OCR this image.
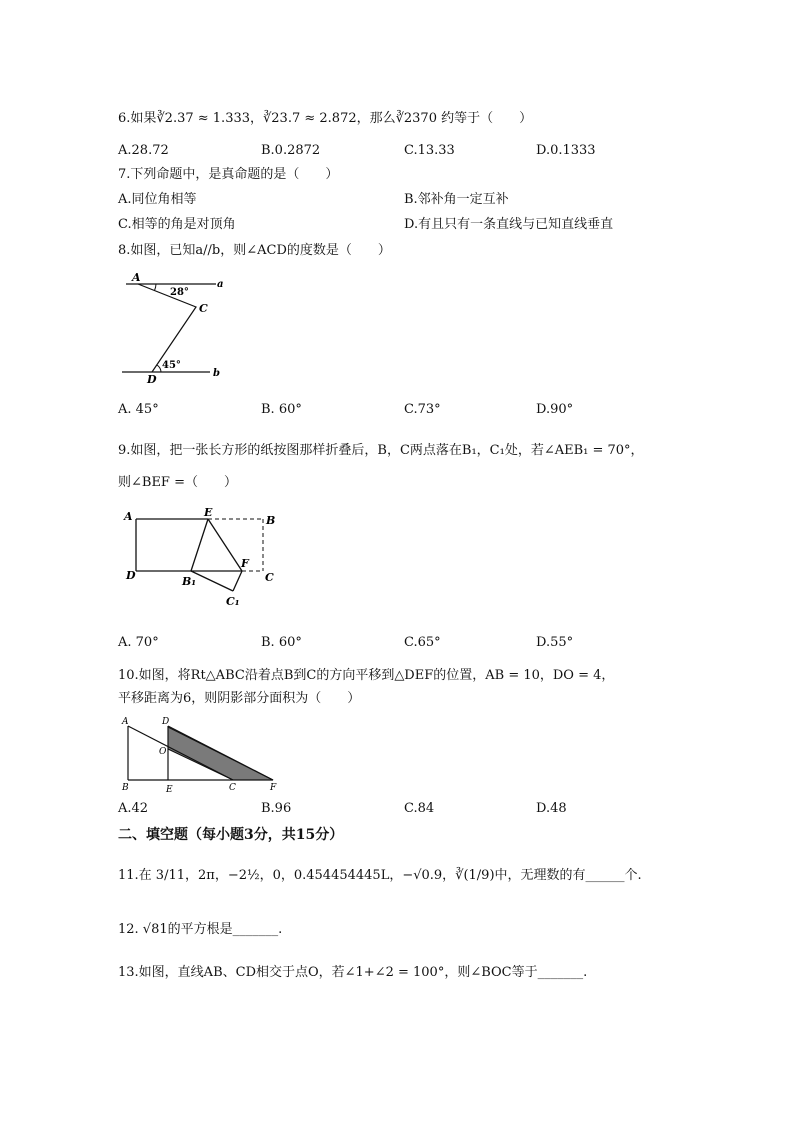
6.如果∛2.37 ≈ 1.333，∛23.7 ≈ 2.872，那么∛2370 约等于（　　）
A.28.72	B.0.2872	C.13.33	D.0.1333
7.下列命题中，是真命题的是（　　）
A.同位角相等	B.邻补角一定互补
C.相等的角是对顶角	D.有且只有一条直线与已知直线垂直
8.如图，已知a//b，则∠ACD的度数是（　　）
A
a
28°
C
45°
D	b
A. 45°	B. 60°	C.73°	D.90°
9.如图，把一张长方形的纸按图那样折叠后，B，C两点落在B₁，C₁处，若∠AEB₁ = 70°，
则∠BEF =（　　）
A	E
B
D
F
C
B₁
C₁
A. 70°	B. 60°	C.65°	D.55°
10.如图，将Rt△ABC沿着点B到C的方向平移到△DEF的位置，AB = 10，DO = 4，
平移距离为6，则阴影部分面积为（　　）
A	D
O
B	E	C	F
A.42	B.96	C.84	D.48
二、填空题（每小题3分，共15分）
11.在 3/11，2π，−2½，0，0.454454445L，−√0.9，∛(1/9)中，无理数的有______个.
12. √81的平方根是_______.
13.如图，直线AB、CD相交于点O，若∠1+∠2 = 100°，则∠BOC等于_______.
